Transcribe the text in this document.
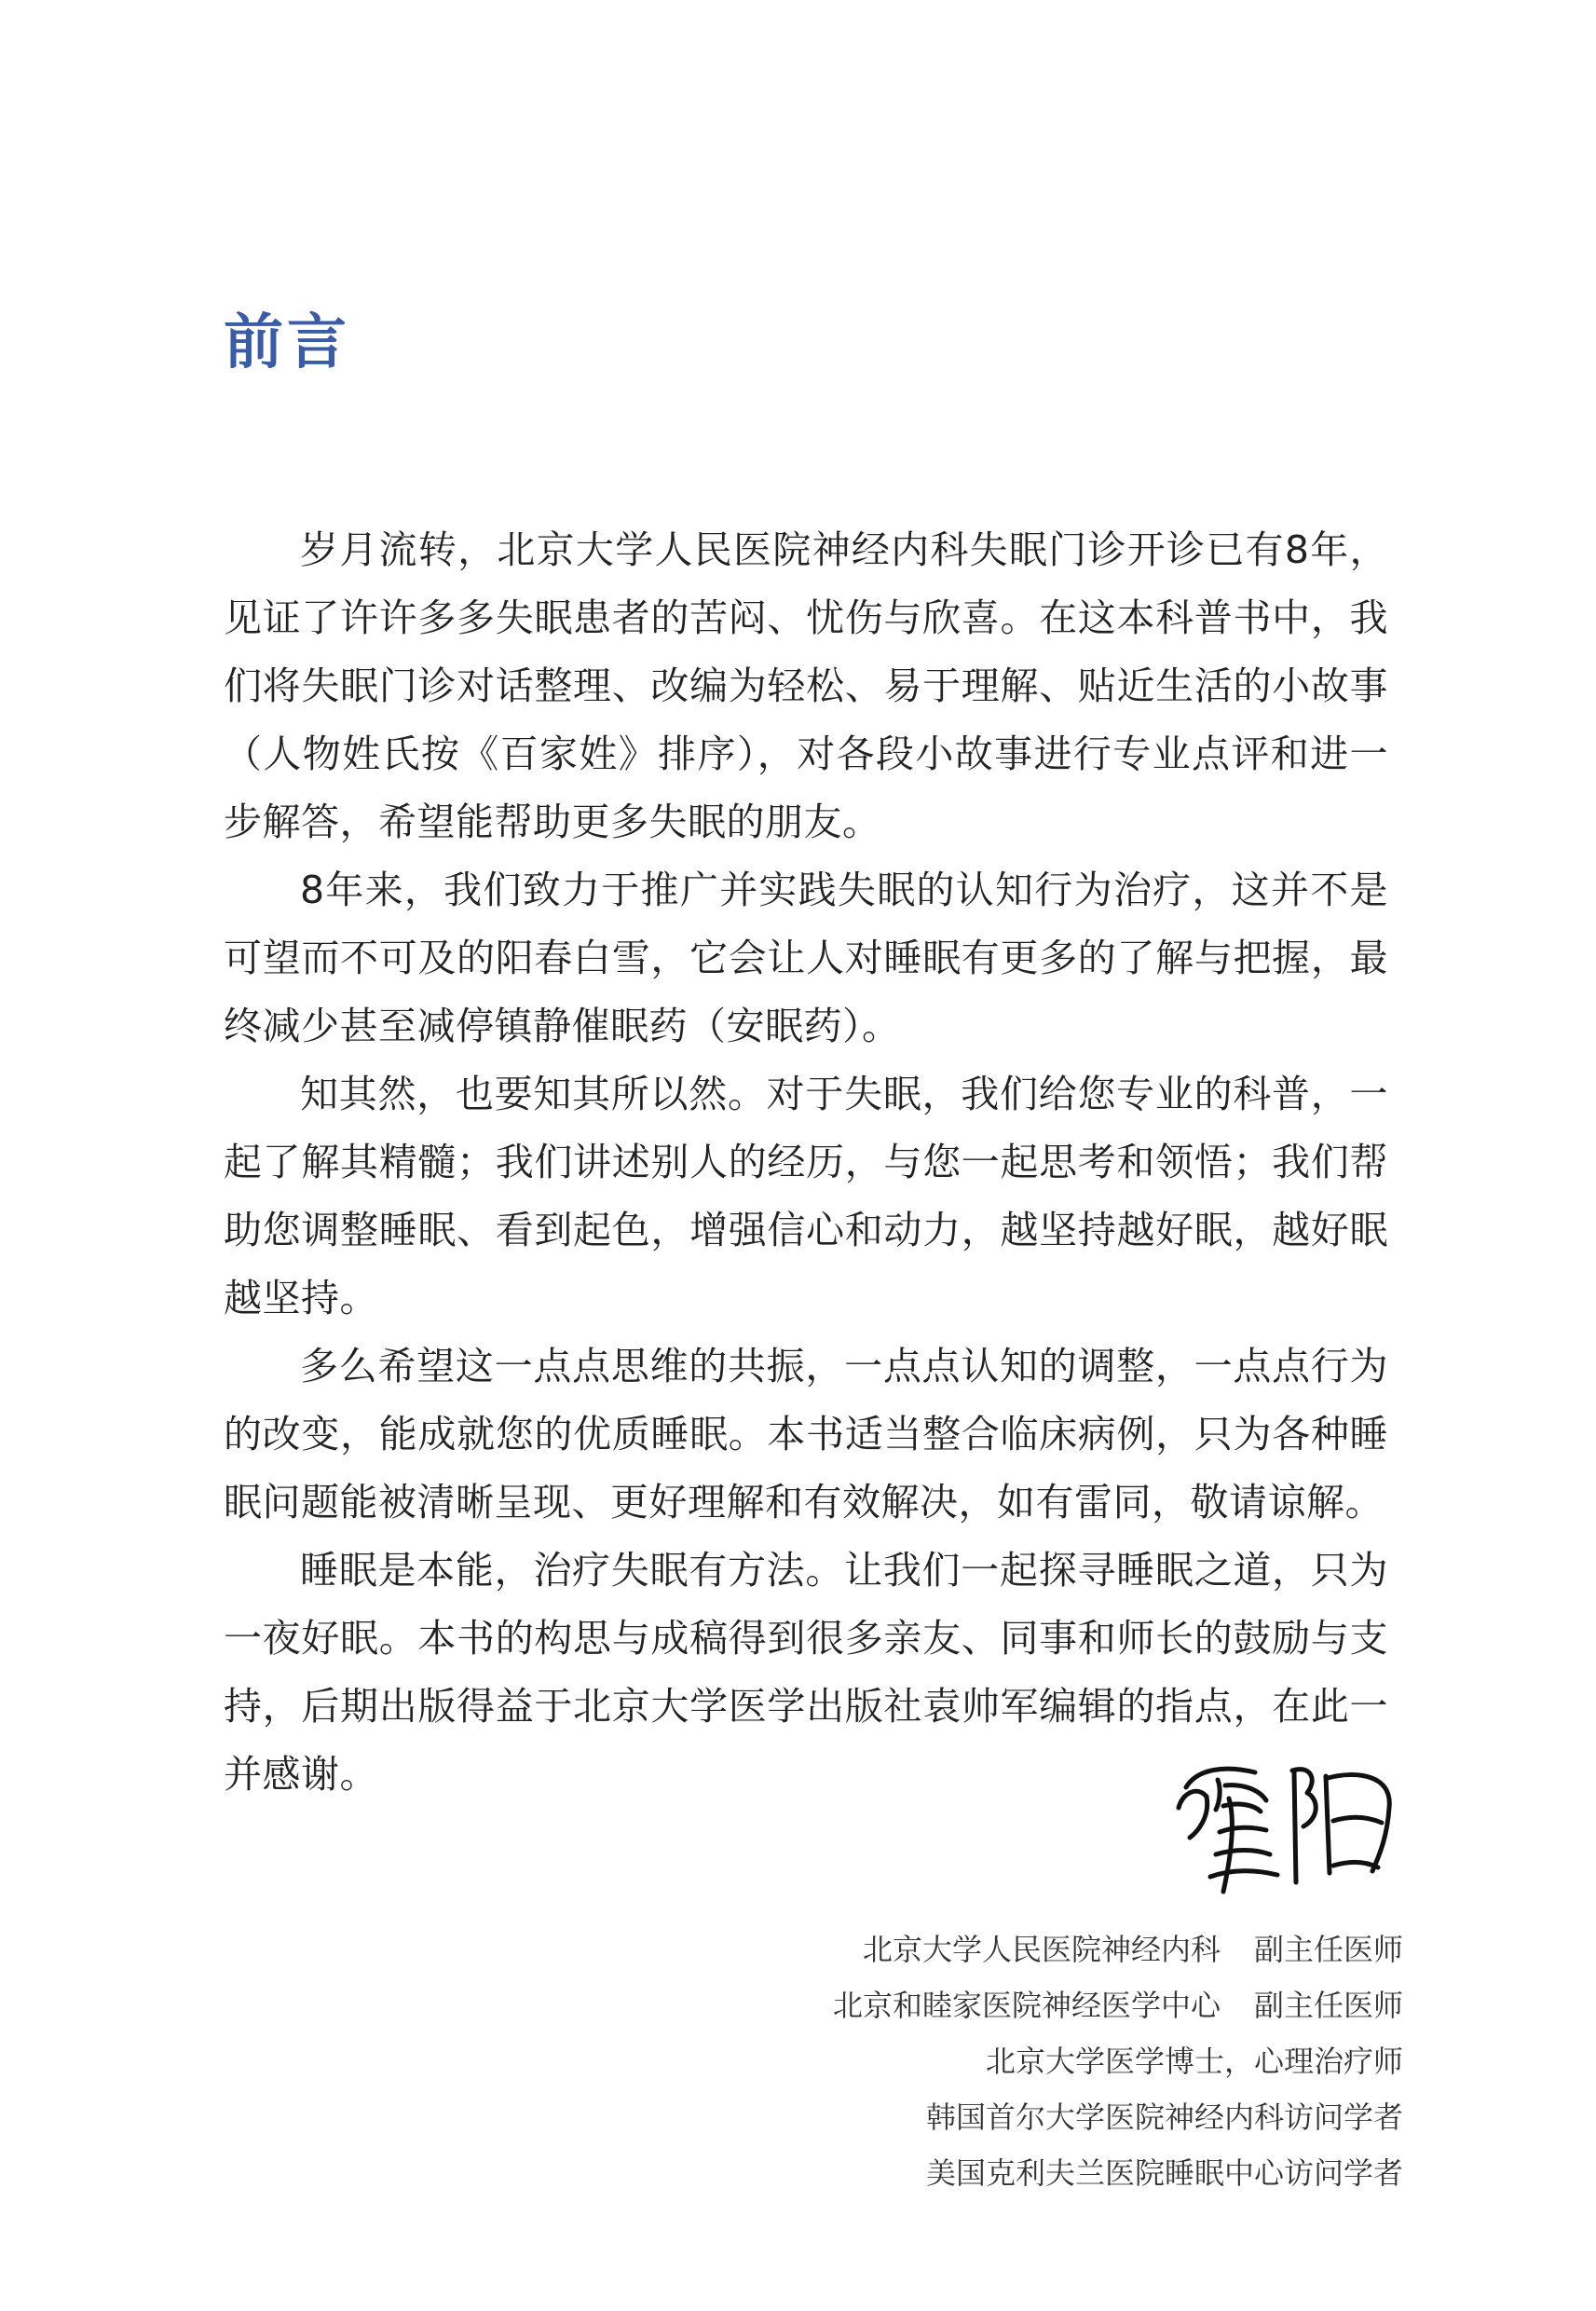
前言

岁月流转，北京大学人民医院神经内科失眠门诊开诊已有8年，见证了许许多多失眠患者的苦闷、忧伤与欣喜。在这本科普书中，我们将失眠门诊对话整理、改编为轻松、易于理解、贴近生活的小故事（人物姓氏按《百家姓》排序），对各段小故事进行专业点评和进一步解答，希望能帮助更多失眠的朋友。

8年来，我们致力于推广并实践失眠的认知行为治疗，这并不是可望而不可及的阳春白雪，它会让人对睡眠有更多的了解与把握，最终减少甚至减停镇静催眠药（安眠药）。

知其然，也要知其所以然。对于失眠，我们给您专业的科普，一起了解其精髓；我们讲述别人的经历，与您一起思考和领悟；我们帮助您调整睡眠、看到起色，增强信心和动力，越坚持越好眠，越好眠越坚持。

多么希望这一点点思维的共振，一点点认知的调整，一点点行为的改变，能成就您的优质睡眠。本书适当整合临床病例，只为各种睡眠问题能被清晰呈现、更好理解和有效解决，如有雷同，敬请谅解。

睡眠是本能，治疗失眠有方法。让我们一起探寻睡眠之道，只为一夜好眠。本书的构思与成稿得到很多亲友、同事和师长的鼓励与支持，后期出版得益于北京大学医学出版社袁帅军编辑的指点，在此一并感谢。

北京大学人民医院神经内科 副主任医师
北京和睦家医院神经医学中心 副主任医师
北京大学医学博士，心理治疗师
韩国首尔大学医院神经内科访问学者
美国克利夫兰医院睡眠中心访问学者
